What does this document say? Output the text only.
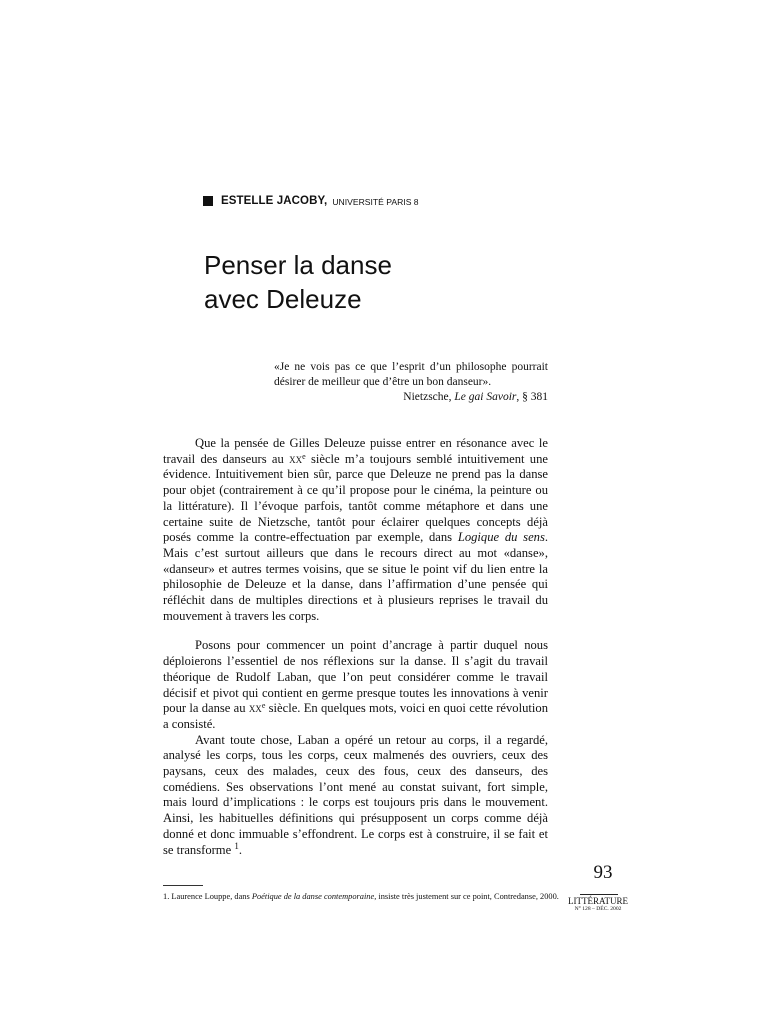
ESTELLE JACOBY, UNIVERSITÉ PARIS 8
Penser la danse
avec Deleuze
«Je ne vois pas ce que l’esprit d’un philosophe pourrait désirer de meilleur que d’être un bon danseur».
Nietzsche, Le gai Savoir, § 381

Que la pensée de Gilles Deleuze puisse entrer en résonance avec le travail des danseurs au $xx^e$ siècle m’a toujours semblé intuitivement une évidence. Intuitivement bien sûr, parce que Deleuze ne prend pas la danse pour objet (contrairement à ce qu’il propose pour le cinéma, la peinture ou la littérature). Il l’évoque parfois, tantôt comme métaphore et dans une certaine suite de Nietzsche, tantôt pour éclairer quelques concepts déjà posés comme la contre-effectuation par exemple, dans Logique du sens. Mais c’est surtout ailleurs que dans le recours direct au mot «danse», «danseur» et autres termes voisins, que se situe le point vif du lien entre la philosophie de Deleuze et la danse, dans l’affirmation d’une pensée qui réfléchit dans de multiples directions et à plusieurs reprises le travail du mouvement à travers les corps.

Posons pour commencer un point d’ancrage à partir duquel nous déploierons l’essentiel de nos réflexions sur la danse. Il s’agit du travail théorique de Rudolf Laban, que l’on peut considérer comme le travail décisif et pivot qui contient en germe presque toutes les innovations à venir pour la danse au $xx^e$ siècle. En quelques mots, voici en quoi cette révolution a consisté.

Avant toute chose, Laban a opéré un retour au corps, il a regardé, analysé les corps, tous les corps, ceux malmenés des ouvriers, ceux des paysans, ceux des malades, ceux des fous, ceux des danseurs, des comédiens. Ses observations l’ont mené au constat suivant, fort simple, mais lourd d’implications : le corps est toujours pris dans le mouvement. Ainsi, les habituelles définitions qui présupposent un corps comme déjà donné et donc immuable s’effondrent. Le corps est à construire, il se fait et se transforme $^1$.

93
LITTÉRATURE
N° 128 – DÉC. 2002
1. Laurence Louppe, dans Poétique de la danse contemporaine, insiste très justement sur ce point, Contredanse, 2000.
